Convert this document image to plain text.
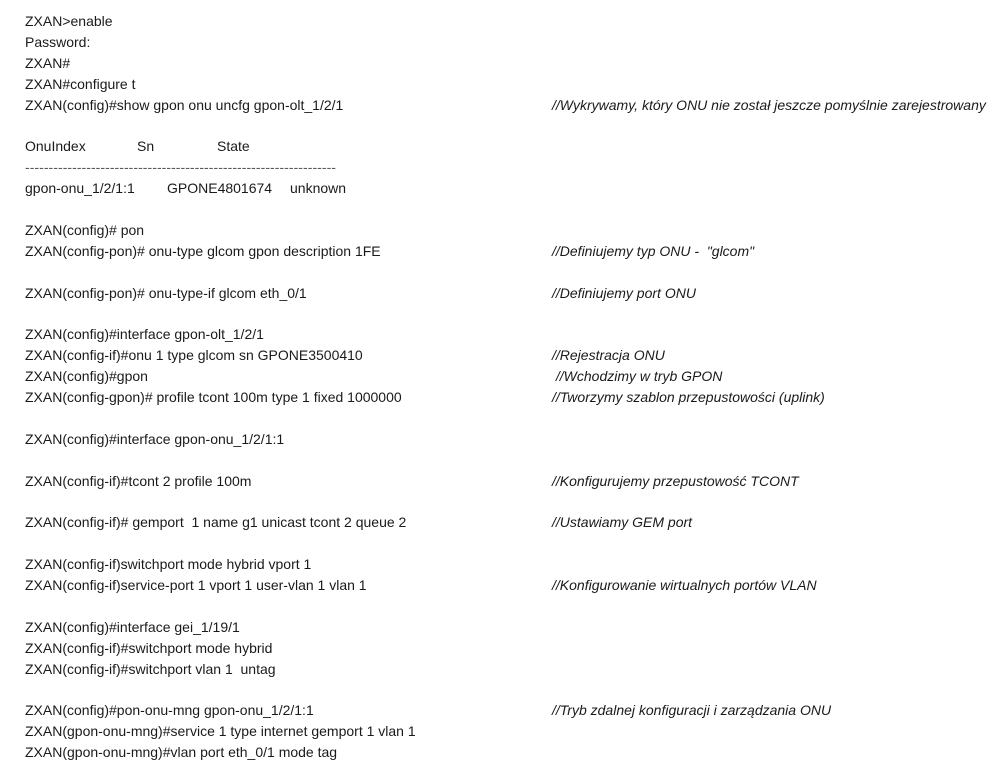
ZXAN>enable
Password:
ZXAN#
ZXAN#configure t
ZXAN(config)#show gpon onu uncfg gpon-olt_1/2/1	//Wykrywamy, który ONU nie został jeszcze pomyślnie zarejestrowany
OnuIndex	Sn	State
------------------------------------------------------------------
gpon-onu_1/2/1:1 GPONE4801674 unknown
ZXAN(config)# pon
ZXAN(config-pon)# onu-type glcom gpon description 1FE	//Definiujemy typ ONU -  "glcom"
ZXAN(config-pon)# onu-type-if glcom eth_0/1	//Definiujemy port ONU
ZXAN(config)#interface gpon-olt_1/2/1
ZXAN(config-if)#onu 1 type glcom sn GPONE3500410	//Rejestracja ONU
ZXAN(config)#gpon	//Wchodzimy w tryb GPON
ZXAN(config-gpon)# profile tcont 100m type 1 fixed 1000000	//Tworzymy szablon przepustowości (uplink)
ZXAN(config)#interface gpon-onu_1/2/1:1
ZXAN(config-if)#tcont 2 profile 100m	//Konfigurujemy przepustowość TCONT
ZXAN(config-if)# gemport  1 name g1 unicast tcont 2 queue 2	//Ustawiamy GEM port
ZXAN(config-if)switchport mode hybrid vport 1
ZXAN(config-if)service-port 1 vport 1 user-vlan 1 vlan 1	//Konfigurowanie wirtualnych portów VLAN
ZXAN(config)#interface gei_1/19/1
ZXAN(config-if)#switchport mode hybrid
ZXAN(config-if)#switchport vlan 1  untag
ZXAN(config)#pon-onu-mng gpon-onu_1/2/1:1	//Tryb zdalnej konfiguracji i zarządzania ONU
ZXAN(gpon-onu-mng)#service 1 type internet gemport 1 vlan 1
ZXAN(gpon-onu-mng)#vlan port eth_0/1 mode tag
